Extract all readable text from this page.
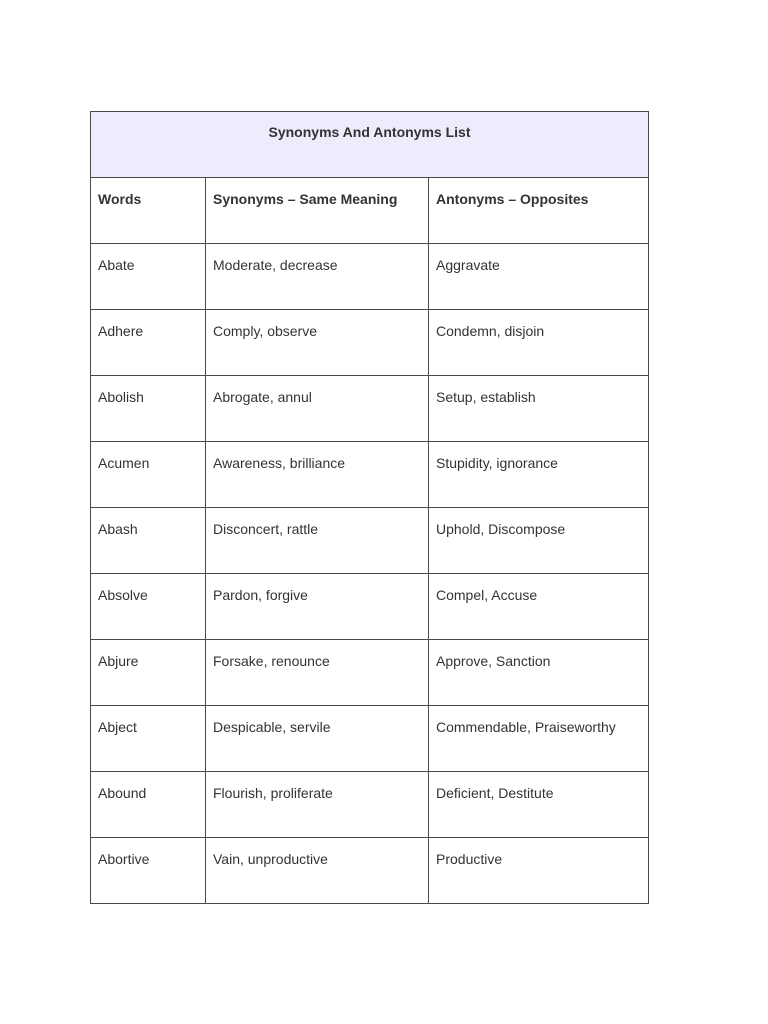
Synonyms And Antonyms List		
Words	Synonyms – Same Meaning	Antonyms – Opposites
Abate	Moderate, decrease	Aggravate
Adhere	Comply, observe	Condemn, disjoin
Abolish	Abrogate, annul	Setup, establish
Acumen	Awareness, brilliance	Stupidity, ignorance
Abash	Disconcert, rattle	Uphold, Discompose
Absolve	Pardon, forgive	Compel, Accuse
Abjure	Forsake, renounce	Approve, Sanction
Abject	Despicable, servile	Commendable, Praiseworthy
Abound	Flourish, proliferate	Deficient, Destitute
Abortive	Vain, unproductive	Productive
